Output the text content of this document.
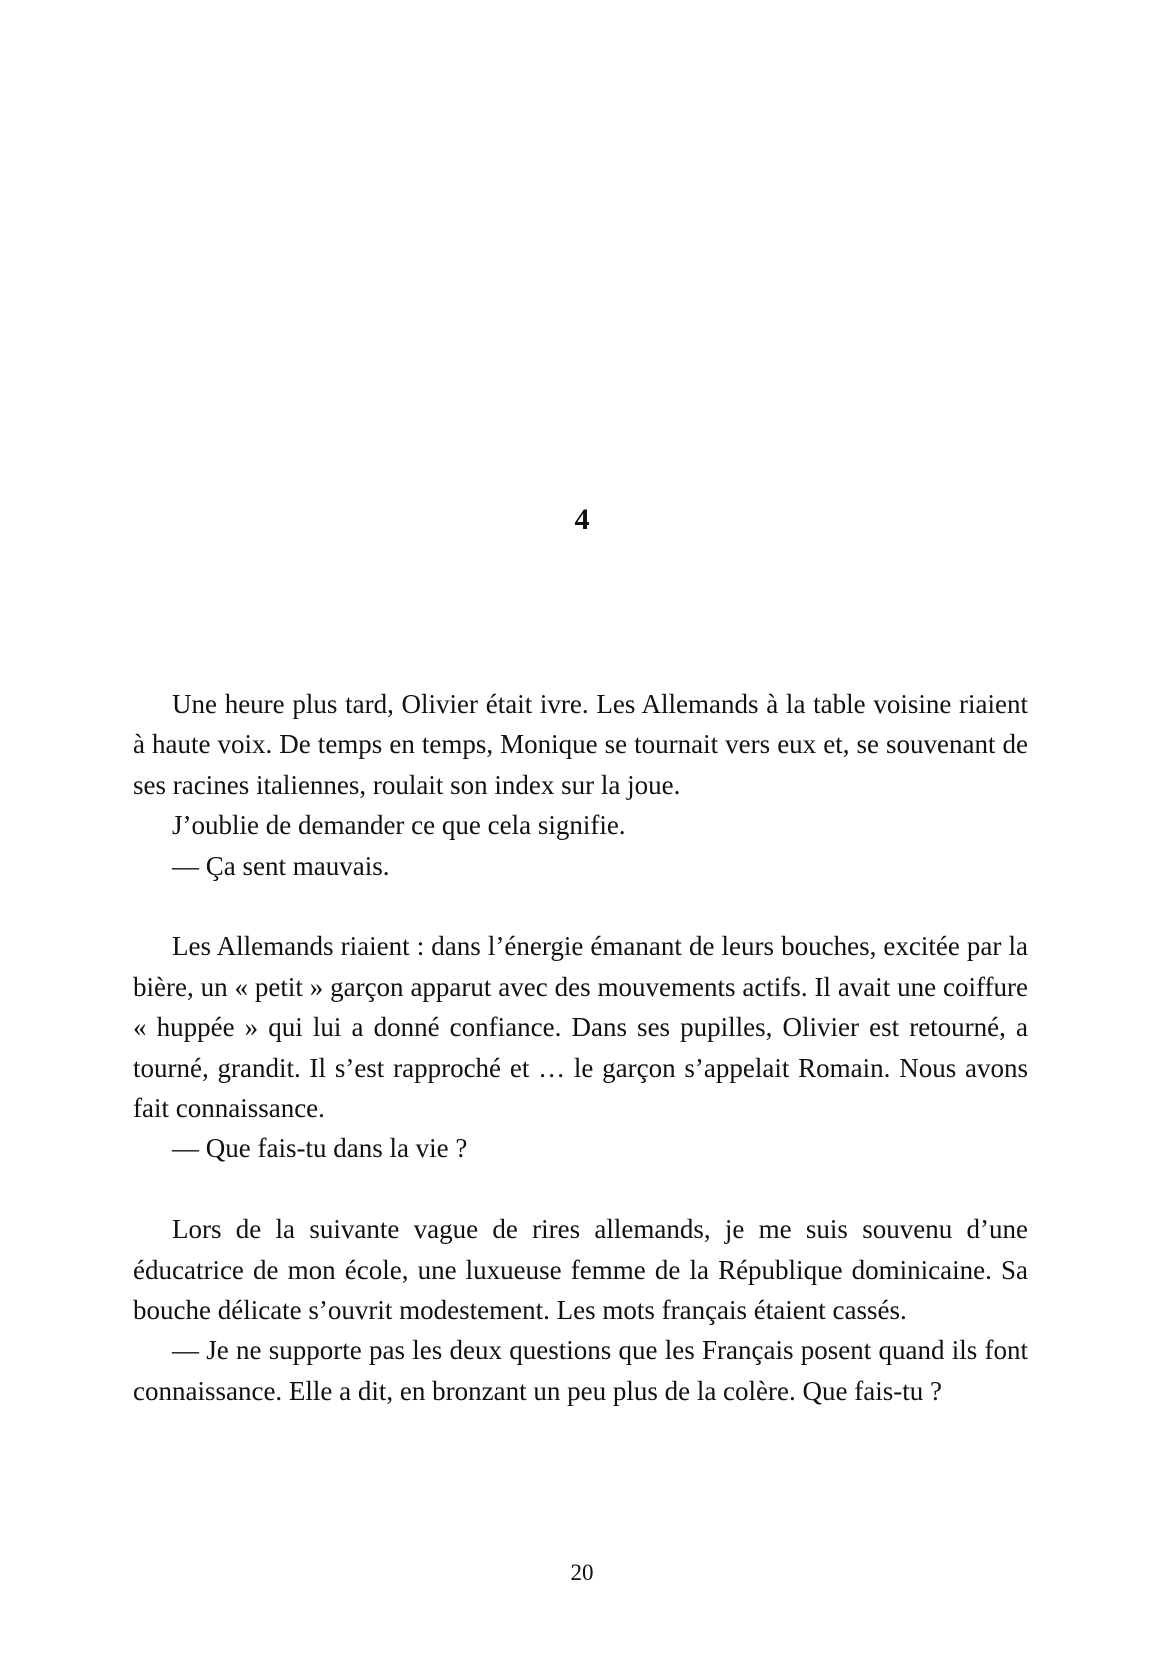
4

Une heure plus tard, Olivier était ivre. Les Allemands à la table voisine riaient à haute voix. De temps en temps, Monique se tournait vers eux et, se souvenant de ses racines italiennes, roulait son index sur la joue.

J’oublie de demander ce que cela signifie.

— Ça sent mauvais.

Les Allemands riaient : dans l’énergie émanant de leurs bouches, excitée par la bière, un « petit » garçon apparut avec des mouvements actifs. Il avait une coiffure « huppée » qui lui a donné confiance. Dans ses pupilles, Olivier est retourné, a tourné, grandit. Il s’est rapproché et … le garçon s’appelait Romain. Nous avons fait connaissance.

— Que fais-tu dans la vie ?

Lors de la suivante vague de rires allemands, je me suis souvenu d’une éducatrice de mon école, une luxueuse femme de la République dominicaine. Sa bouche délicate s’ouvrit modestement. Les mots français étaient cassés.

— Je ne supporte pas les deux questions que les Français posent quand ils font connaissance. Elle a dit, en bronzant un peu plus de la colère. Que fais-tu ?

20
